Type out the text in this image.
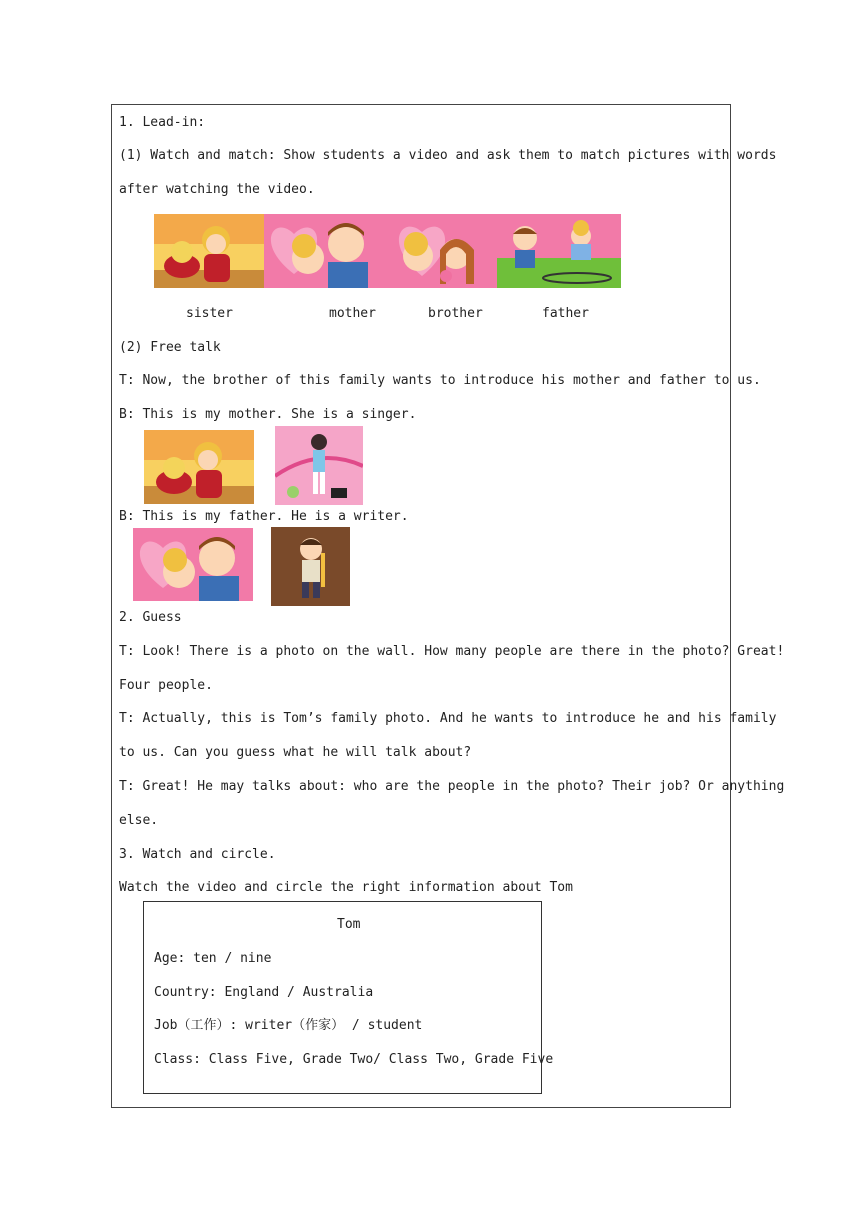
1. Lead-in:
(1) Watch and match: Show students a video and ask them to match pictures with words
after watching the video.
sister	mother	brother	father
(2) Free talk
T: Now, the brother of this family wants to introduce his mother and father to us.
B: This is my mother. She is a singer.
B: This is my father. He is a writer.
2. Guess
T: Look! There is a photo on the wall. How many people are there in the photo? Great!
Four people.
T: Actually, this is Tom’s family photo. And he wants to introduce he and his family
to us. Can you guess what he will talk about?
T: Great! He may talks about: who are the people in the photo? Their job? Or anything
else.
3. Watch and circle.
Watch the video and circle the right information about Tom
Tom
Age: ten / nine
Country: England / Australia
Job（工作）: writer（作家） / student
Class: Class Five, Grade Two/ Class Two, Grade Five
